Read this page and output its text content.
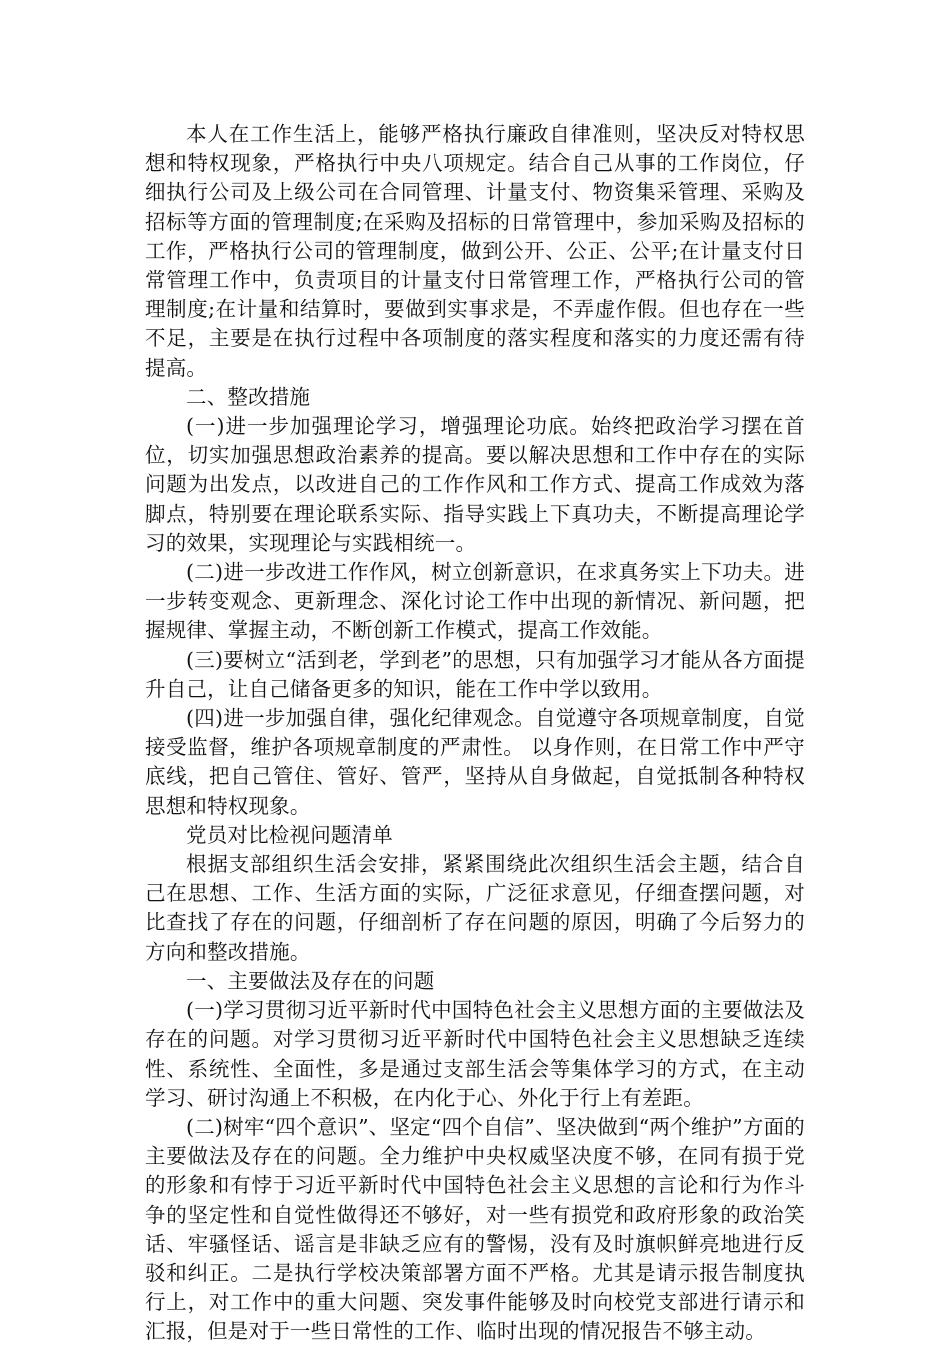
本人在工作生活上，能够严格执行廉政自律准则，坚决反对特权思想和特权现象，严格执行中央八项规定。结合自己从事的工作岗位，仔细执行公司及上级公司在合同管理、计量支付、物资集采管理、采购及招标等方面的管理制度;在采购及招标的日常管理中，参加采购及招标的工作，严格执行公司的管理制度，做到公开、公正、公平;在计量支付日常管理工作中，负责项目的计量支付日常管理工作，严格执行公司的管理制度;在计量和结算时，要做到实事求是，不弄虚作假。但也存在一些不足，主要是在执行过程中各项制度的落实程度和落实的力度还需有待提高。

二、整改措施

(一)进一步加强理论学习，增强理论功底。始终把政治学习摆在首位，切实加强思想政治素养的提高。要以解决思想和工作中存在的实际问题为出发点，以改进自己的工作作风和工作方式、提高工作成效为落脚点，特别要在理论联系实际、指导实践上下真功夫，不断提高理论学习的效果，实现理论与实践相统一。

(二)进一步改进工作作风，树立创新意识，在求真务实上下功夫。进一步转变观念、更新理念、深化讨论工作中出现的新情况、新问题，把握规律、掌握主动，不断创新工作模式，提高工作效能。

(三)要树立“活到老，学到老”的思想，只有加强学习才能从各方面提升自己，让自己储备更多的知识，能在工作中学以致用。

(四)进一步加强自律，强化纪律观念。自觉遵守各项规章制度，自觉接受监督，维护各项规章制度的严肃性。 以身作则，在日常工作中严守底线，把自己管住、管好、管严，坚持从自身做起，自觉抵制各种特权思想和特权现象。

党员对比检视问题清单

根据支部组织生活会安排，紧紧围绕此次组织生活会主题，结合自己在思想、工作、生活方面的实际，广泛征求意见，仔细查摆问题，对比查找了存在的问题，仔细剖析了存在问题的原因，明确了今后努力的方向和整改措施。

一、主要做法及存在的问题

(一)学习贯彻习近平新时代中国特色社会主义思想方面的主要做法及存在的问题。对学习贯彻习近平新时代中国特色社会主义思想缺乏连续性、系统性、全面性，多是通过支部生活会等集体学习的方式，在主动学习、研讨沟通上不积极，在内化于心、外化于行上有差距。

(二)树牢“四个意识”、坚定“四个自信”、坚决做到“两个维护”方面的主要做法及存在的问题。全力维护中央权威坚决度不够，在同有损于党的形象和有悖于习近平新时代中国特色社会主义思想的言论和行为作斗争的坚定性和自觉性做得还不够好，对一些有损党和政府形象的政治笑话、牢骚怪话、谣言是非缺乏应有的警惕，没有及时旗帜鲜亮地进行反驳和纠正。二是执行学校决策部署方面不严格。尤其是请示报告制度执行上，对工作中的重大问题、突发事件能够及时向校党支部进行请示和汇报，但是对于一些日常性的工作、临时出现的情况报告不够主动。
